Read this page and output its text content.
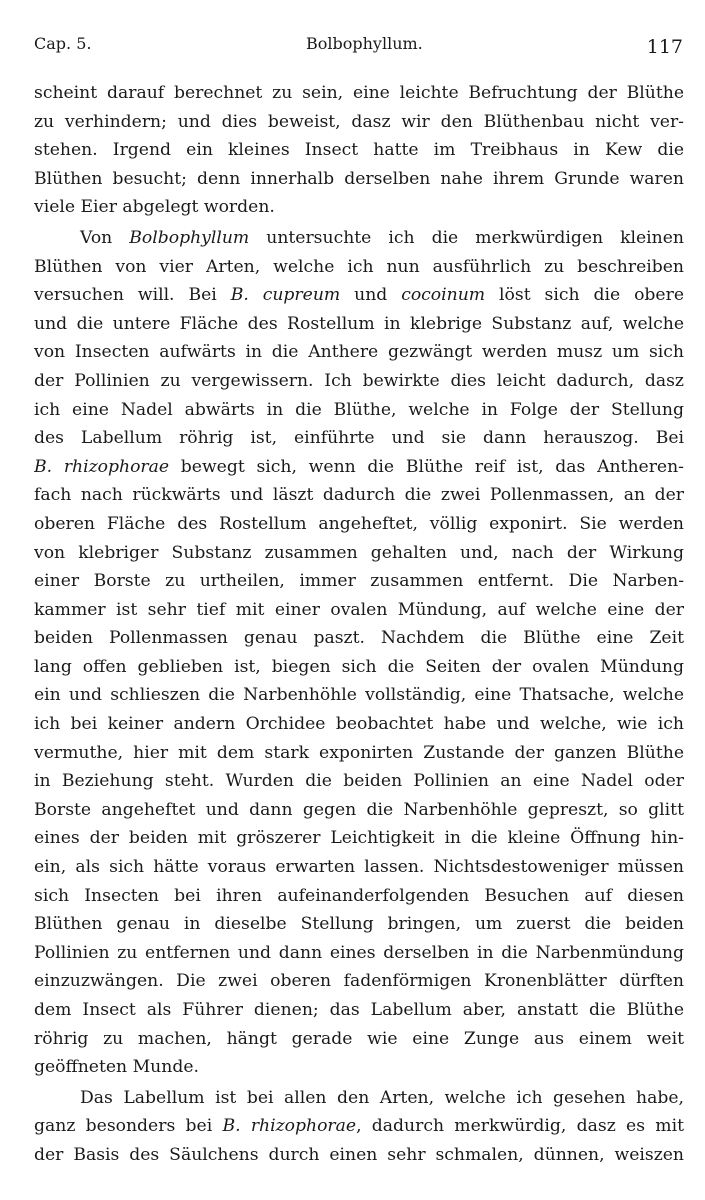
Cap. 5.	Bolbophyllum.	117
scheint darauf berechnet zu sein, eine leichte Befruchtung der Blüthe
zu verhindern; und dies beweist, dasz wir den Blüthenbau nicht ver-
stehen. Irgend ein kleines Insect hatte im Treibhaus in Kew die
Blüthen besucht; denn innerhalb derselben nahe ihrem Grunde waren
viele Eier abgelegt worden.
Von Bolbophyllum untersuchte ich die merkwürdigen kleinen
Blüthen von vier Arten, welche ich nun ausführlich zu beschreiben
versuchen will. Bei B. cupreum und cocoinum löst sich die obere
und die untere Fläche des Rostellum in klebrige Substanz auf, welche
von Insecten aufwärts in die Anthere gezwängt werden musz um sich
der Pollinien zu vergewissern. Ich bewirkte dies leicht dadurch, dasz
ich eine Nadel abwärts in die Blüthe, welche in Folge der Stellung
des Labellum röhrig ist, einführte und sie dann herauszog. Bei
B. rhizophorae bewegt sich, wenn die Blüthe reif ist, das Antheren-
fach nach rückwärts und läszt dadurch die zwei Pollenmassen, an der
oberen Fläche des Rostellum angeheftet, völlig exponirt. Sie werden
von klebriger Substanz zusammen gehalten und, nach der Wirkung
einer Borste zu urtheilen, immer zusammen entfernt. Die Narben-
kammer ist sehr tief mit einer ovalen Mündung, auf welche eine der
beiden Pollenmassen genau paszt. Nachdem die Blüthe eine Zeit
lang offen geblieben ist, biegen sich die Seiten der ovalen Mündung
ein und schlieszen die Narbenhöhle vollständig, eine Thatsache, welche
ich bei keiner andern Orchidee beobachtet habe und welche, wie ich
vermuthe, hier mit dem stark exponirten Zustande der ganzen Blüthe
in Beziehung steht. Wurden die beiden Pollinien an eine Nadel oder
Borste angeheftet und dann gegen die Narbenhöhle gepreszt, so glitt
eines der beiden mit gröszerer Leichtigkeit in die kleine Öffnung hin-
ein, als sich hätte voraus erwarten lassen. Nichtsdestoweniger müssen
sich Insecten bei ihren aufeinanderfolgenden Besuchen auf diesen
Blüthen genau in dieselbe Stellung bringen, um zuerst die beiden
Pollinien zu entfernen und dann eines derselben in die Narbenmündung
einzuzwängen. Die zwei oberen fadenförmigen Kronenblätter dürften
dem Insect als Führer dienen; das Labellum aber, anstatt die Blüthe
röhrig zu machen, hängt gerade wie eine Zunge aus einem weit
geöffneten Munde.
Das Labellum ist bei allen den Arten, welche ich gesehen habe,
ganz besonders bei B. rhizophorae, dadurch merkwürdig, dasz es mit
der Basis des Säulchens durch einen sehr schmalen, dünnen, weiszen
